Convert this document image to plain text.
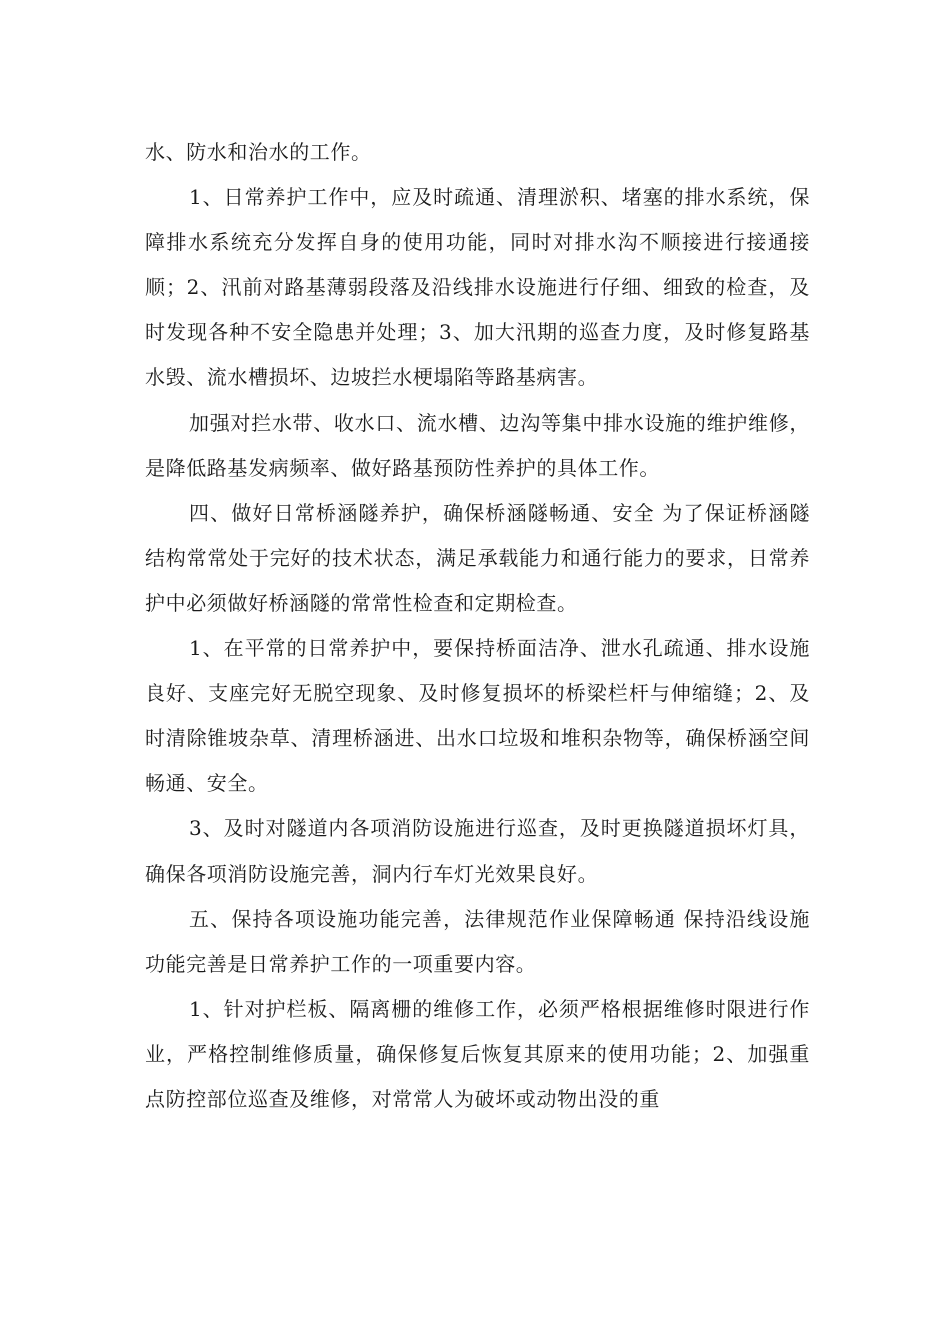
水、防水和治水的工作。

1、日常养护工作中，应及时疏通、清理淤积、堵塞的排水系统，保障排水系统充分发挥自身的使用功能，同时对排水沟不顺接进行接通接顺；2、汛前对路基薄弱段落及沿线排水设施进行仔细、细致的检查，及时发现各种不安全隐患并处理；3、加大汛期的巡查力度，及时修复路基水毁、流水槽损坏、边坡拦水梗塌陷等路基病害。

加强对拦水带、收水口、流水槽、边沟等集中排水设施的维护维修，是降低路基发病频率、做好路基预防性养护的具体工作。

四、做好日常桥涵隧养护，确保桥涵隧畅通、安全 为了保证桥涵隧结构常常处于完好的技术状态，满足承载能力和通行能力的要求，日常养护中必须做好桥涵隧的常常性检查和定期检查。

1、在平常的日常养护中，要保持桥面洁净、泄水孔疏通、排水设施良好、支座完好无脱空现象、及时修复损坏的桥梁栏杆与伸缩缝；2、及时清除锥坡杂草、清理桥涵进、出水口垃圾和堆积杂物等，确保桥涵空间畅通、安全。

3、及时对隧道内各项消防设施进行巡查，及时更换隧道损坏灯具，确保各项消防设施完善，洞内行车灯光效果良好。

五、保持各项设施功能完善，法律规范作业保障畅通 保持沿线设施功能完善是日常养护工作的一项重要内容。

1、针对护栏板、隔离栅的维修工作，必须严格根据维修时限进行作业，严格控制维修质量，确保修复后恢复其原来的使用功能；2、加强重点防控部位巡查及维修，对常常人为破坏或动物出没的重
